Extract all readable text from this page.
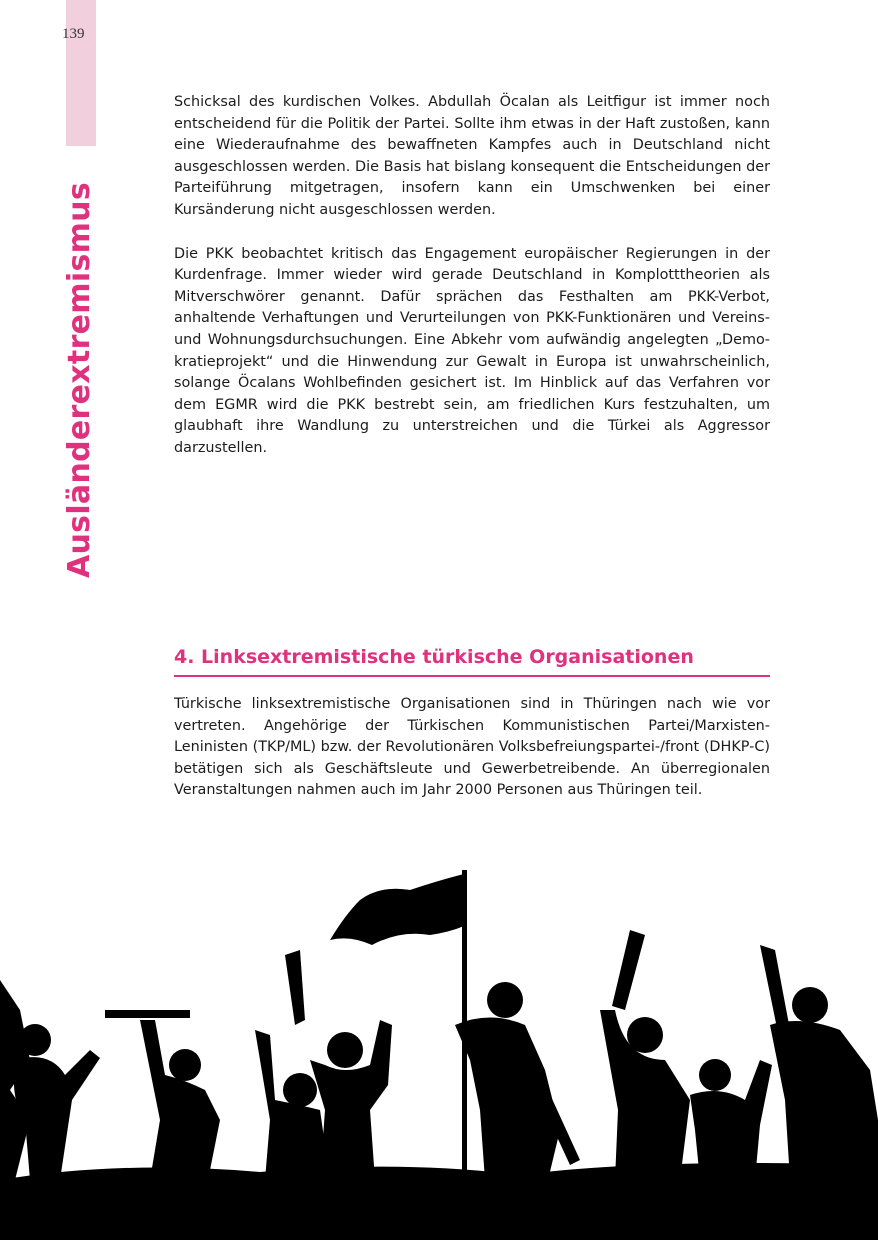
139
Ausländerextremismus

Schicksal des kurdischen Volkes. Abdullah Öcalan als Leitfigur ist immer noch entscheidend für die Politik der Partei. Sollte ihm etwas in der Haft zustoßen, kann eine Wiederaufnahme des bewaffneten Kampfes auch in Deutschland nicht ausgeschlossen werden. Die Basis hat bislang konsequent die Entscheidungen der Parteiführung mitgetragen, insofern kann ein Umschwenken bei einer Kursänderung nicht ausgeschlossen werden.

Die PKK beobachtet kritisch das Engagement europäischer Regierungen in der Kurdenfrage. Immer wieder wird gerade Deutschland in Komplotttheorien als Mitverschwörer genannt. Dafür sprächen das Festhalten am PKK-Verbot, anhaltende Verhaftungen und Verurteilungen von PKK-Funktionären und Vereins- und Wohnungsdurchsuchungen. Eine Abkehr vom aufwändig angelegten „Demokratieprojekt“ und die Hinwendung zur Gewalt in Europa ist unwahrscheinlich, solange Öcalans Wohlbefinden gesichert ist. Im Hinblick auf das Verfahren vor dem EGMR wird die PKK bestrebt sein, am friedlichen Kurs festzuhalten, um glaubhaft ihre Wandlung zu unterstreichen und die Türkei als Aggressor darzustellen.

4. Linksextremistische türkische Organisationen

Türkische linksextremistische Organisationen sind in Thüringen nach wie vor vertreten. Angehörige der Türkischen Kommunistischen Partei/Marxisten-Leninisten (TKP/ML) bzw. der Revolutionären Volksbefreiungspartei-/front (DHKP-C) betätigen sich als Geschäftsleute und Gewerbetreibende. An überregionalen Veranstaltungen nahmen auch im Jahr 2000 Personen aus Thüringen teil.
